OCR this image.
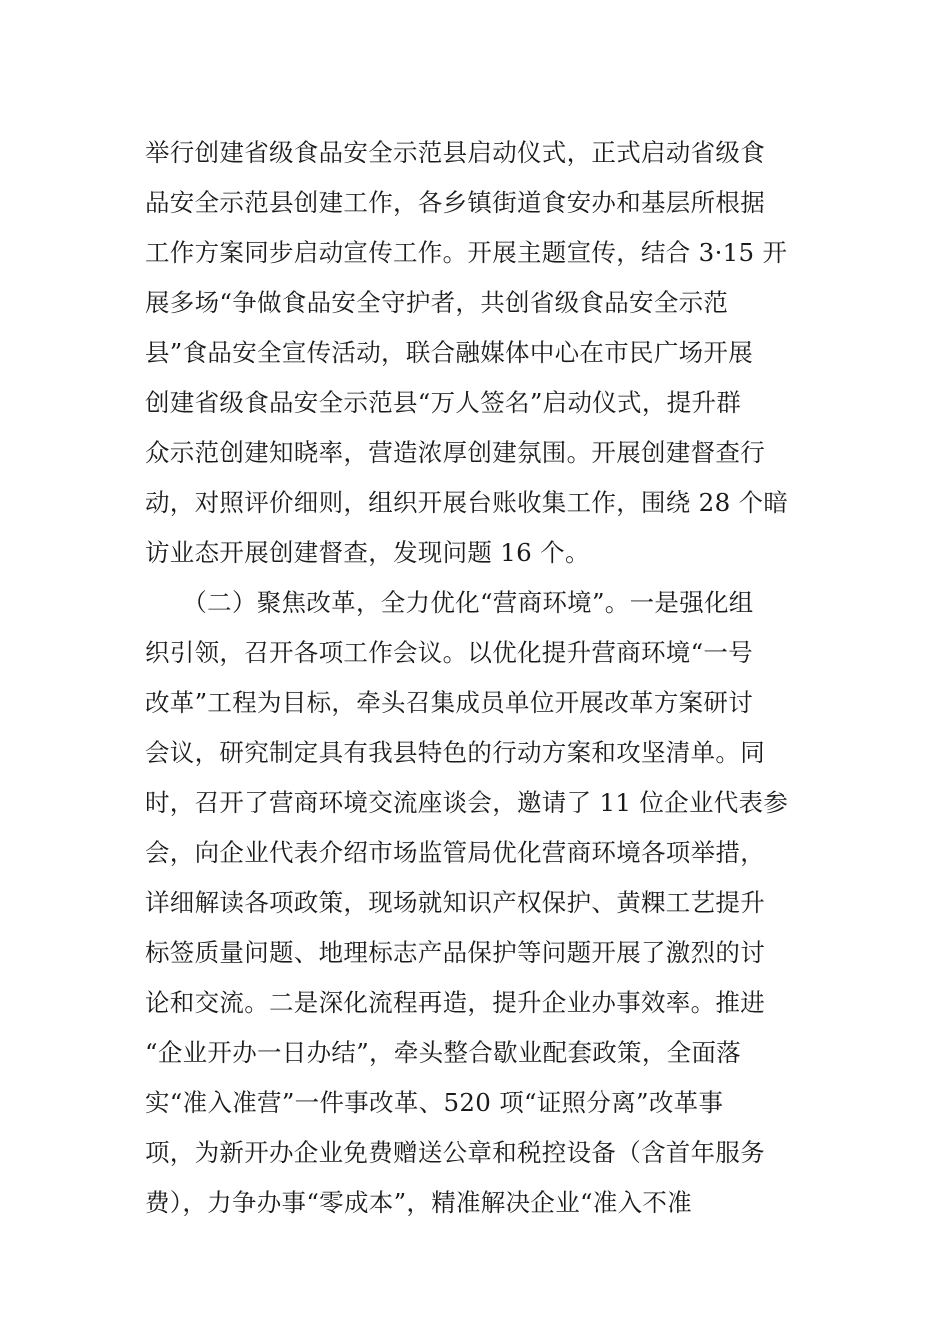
举行创建省级食品安全示范县启动仪式，正式启动省级食
品安全示范县创建工作，各乡镇街道食安办和基层所根据
工作方案同步启动宣传工作。开展主题宣传，结合 3·15 开
展多场“争做食品安全守护者，共创省级食品安全示范
县”食品安全宣传活动，联合融媒体中心在市民广场开展
创建省级食品安全示范县“万人签名”启动仪式，提升群
众示范创建知晓率，营造浓厚创建氛围。开展创建督查行
动，对照评价细则，组织开展台账收集工作，围绕 28 个暗
访业态开展创建督查，发现问题 16 个。
　　（二）聚焦改革，全力优化“营商环境”。一是强化组
织引领，召开各项工作会议。以优化提升营商环境“一号
改革”工程为目标，牵头召集成员单位开展改革方案研讨
会议，研究制定具有我县特色的行动方案和攻坚清单。同
时，召开了营商环境交流座谈会，邀请了 11 位企业代表参
会，向企业代表介绍市场监管局优化营商环境各项举措，
详细解读各项政策，现场就知识产权保护、黄粿工艺提升
标签质量问题、地理标志产品保护等问题开展了激烈的讨
论和交流。二是深化流程再造，提升企业办事效率。推进
“企业开办一日办结”，牵头整合歇业配套政策，全面落
实“准入准营”一件事改革、520 项“证照分离”改革事
项，为新开办企业免费赠送公章和税控设备（含首年服务
费），力争办事“零成本”，精准解决企业“准入不准
